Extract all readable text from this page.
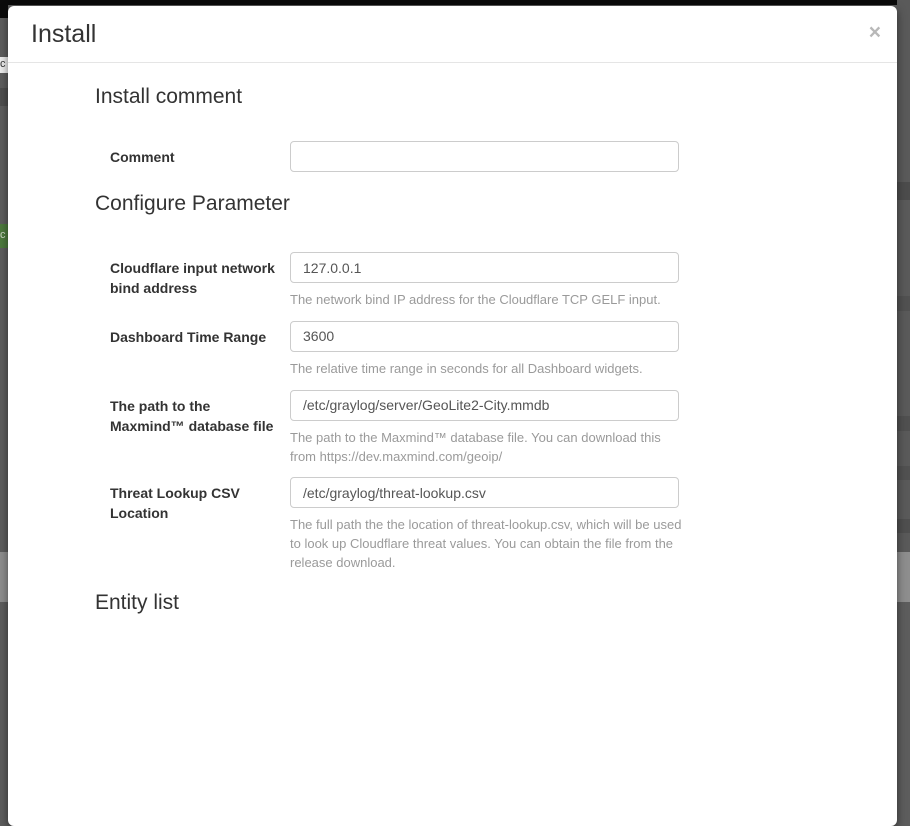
c
c
Install	×
Install comment
Comment
Configure Parameter
Cloudflare input network bind address
127.0.0.1
The network bind IP address for the Cloudflare TCP GELF input.
Dashboard Time Range
3600
The relative time range in seconds for all Dashboard widgets.
The path to the Maxmind™ database file
/etc/graylog/server/GeoLite2-City.mmdb
The path to the Maxmind™ database file. You can download this from https://dev.maxmind.com/geoip/
Threat Lookup CSV Location
/etc/graylog/threat-lookup.csv
The full path the the location of threat-lookup.csv, which will be used to look up Cloudflare threat values. You can obtain the file from the release download.
Entity list
